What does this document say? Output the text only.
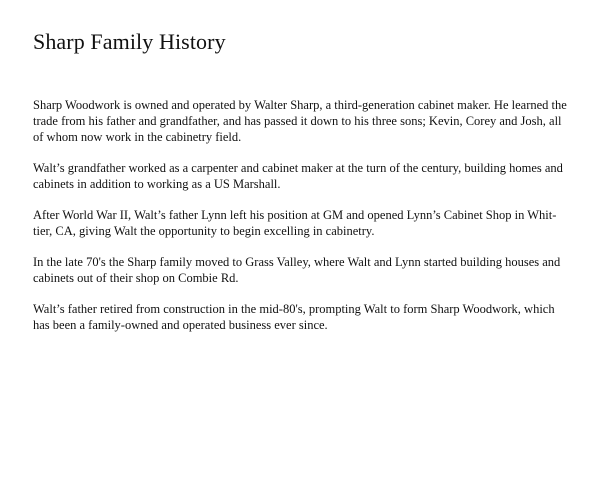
Sharp Family History

Sharp Woodwork is owned and operated by Walter Sharp, a third-generation cabinet maker. He learned the
trade from his father and grandfather, and has passed it down to his three sons; Kevin, Corey and Josh, all
of whom now work in the cabinetry field.

Walt’s grandfather worked as a carpenter and cabinet maker at the turn of the century, building homes and
cabinets in addition to working as a US Marshall.

After World War II, Walt’s father Lynn left his position at GM and opened Lynn’s Cabinet Shop in Whit-
tier, CA, giving Walt the opportunity to begin excelling in cabinetry.

In the late 70's the Sharp family moved to Grass Valley, where Walt and Lynn started building houses and
cabinets out of their shop on Combie Rd.

Walt’s father retired from construction in the mid-80's, prompting Walt to form Sharp Woodwork, which
has been a family-owned and operated business ever since.
